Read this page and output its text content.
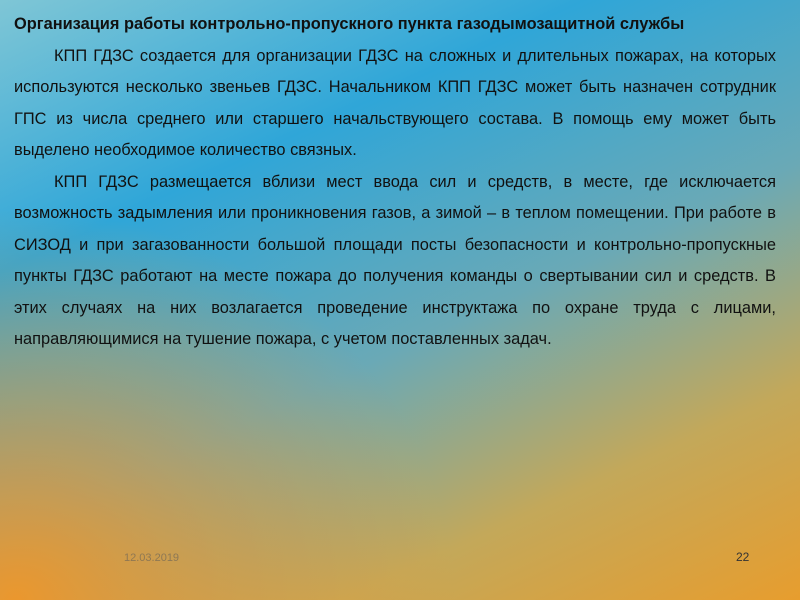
Организация работы контрольно-пропускного пункта газодымозащитной службы

КПП ГДЗС создается для организации ГДЗС на сложных и длительных пожарах, на которых используются несколько звеньев ГДЗС. Начальником КПП ГДЗС может быть назначен сотрудник ГПС из числа среднего или старшего начальствующего состава. В помощь ему может быть выделено необходимое количество связных.

КПП ГДЗС размещается вблизи мест ввода сил и средств, в месте, где исключается возможность задымления или проникновения газов, а зимой – в теплом помещении. При работе в СИЗОД и при загазованности большой площади посты безопасности и контрольно-пропускные пункты ГДЗС работают на месте пожара до получения команды о свертывании сил и средств. В этих случаях на них возлагается проведение инструктажа по охране труда с лицами, направляющимися на тушение пожара, с учетом поставленных задач.

12.03.2019	22
